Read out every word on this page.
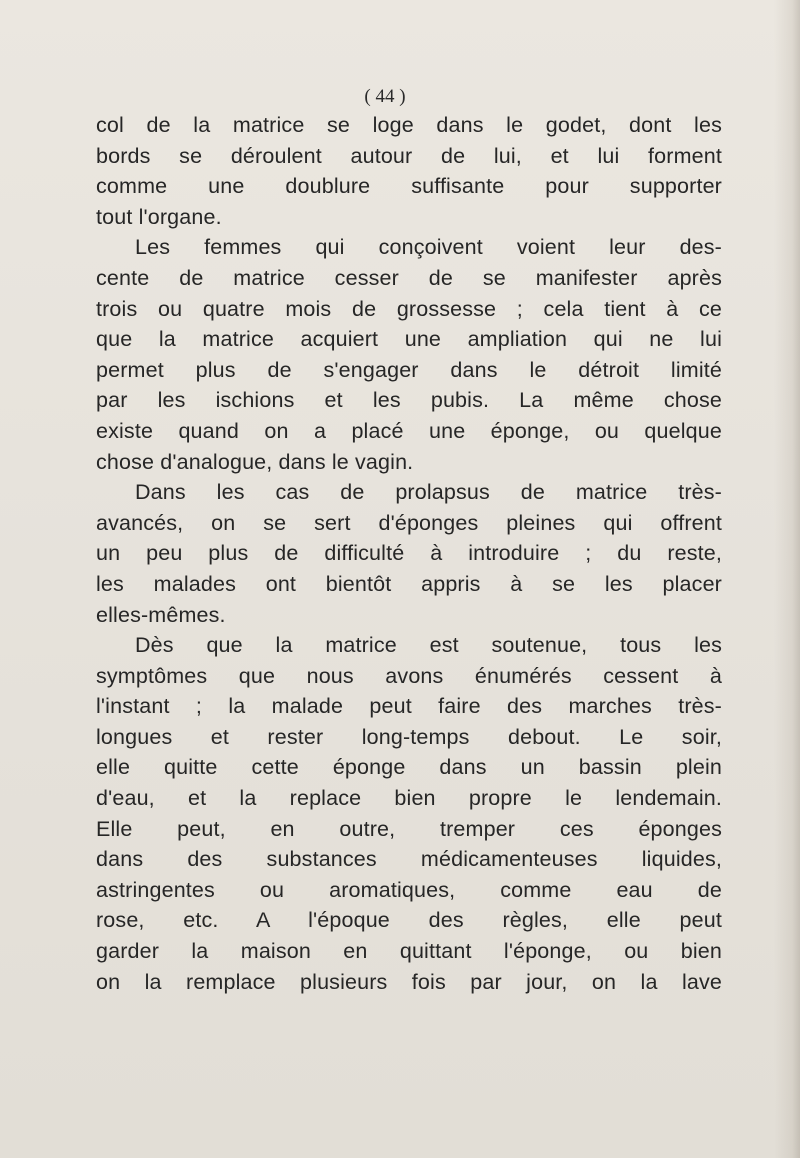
( 44 )
col de la matrice se loge dans le godet, dont les
bords se déroulent autour de lui, et lui forment
comme une doublure suffisante pour supporter
tout l'organe.
Les femmes qui conçoivent voient leur des-
cente de matrice cesser de se manifester après
trois ou quatre mois de grossesse ; cela tient à ce
que la matrice acquiert une ampliation qui ne lui
permet plus de s'engager dans le détroit limité
par les ischions et les pubis. La même chose
existe quand on a placé une éponge, ou quelque
chose d'analogue, dans le vagin.
Dans les cas de prolapsus de matrice très-
avancés, on se sert d'éponges pleines qui offrent
un peu plus de difficulté à introduire ; du reste,
les malades ont bientôt appris à se les placer
elles-mêmes.
Dès que la matrice est soutenue, tous les
symptômes que nous avons énumérés cessent à
l'instant ; la malade peut faire des marches très-
longues et rester long-temps debout. Le soir,
elle quitte cette éponge dans un bassin plein
d'eau, et la replace bien propre le lendemain.
Elle peut, en outre, tremper ces éponges
dans des substances médicamenteuses liquides,
astringentes ou aromatiques, comme eau de
rose, etc. A l'époque des règles, elle peut
garder la maison en quittant l'éponge, ou bien
on la remplace plusieurs fois par jour, on la lave
